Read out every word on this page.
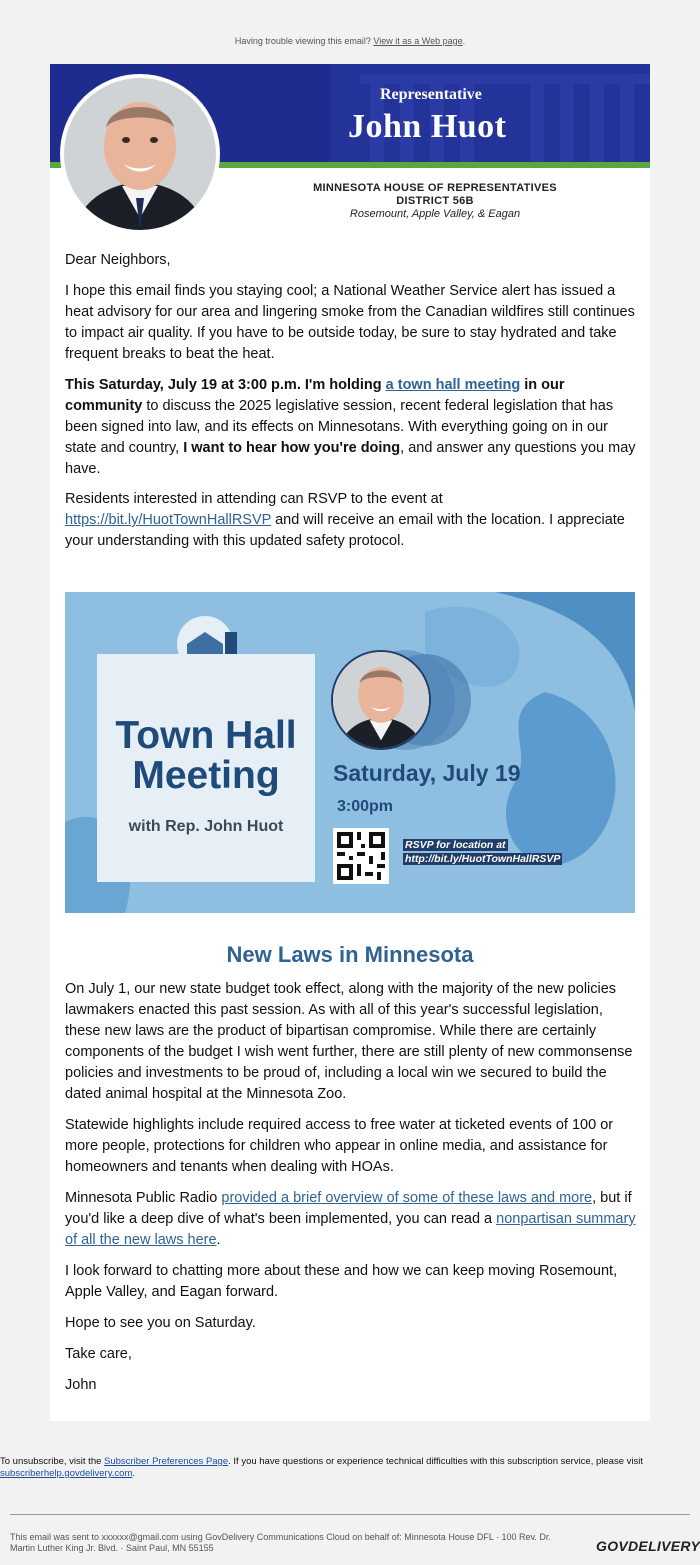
Having trouble viewing this email? View it as a Web page.
Representative
John Huot
MINNESOTA HOUSE OF REPRESENTATIVES
DISTRICT 56B
Rosemount, Apple Valley, & Eagan

Dear Neighbors,

I hope this email finds you staying cool; a National Weather Service alert has issued a heat advisory for our area and lingering smoke from the Canadian wildfires still continues to impact air quality. If you have to be outside today, be sure to stay hydrated and take frequent breaks to beat the heat.

This Saturday, July 19 at 3:00 p.m. I'm holding a town hall meeting in our community to discuss the 2025 legislative session, recent federal legislation that has been signed into law, and its effects on Minnesotans. With everything going on in our state and country, I want to hear how you're doing, and answer any questions you may have.

Residents interested in attending can RSVP to the event at https://bit.ly/HuotTownHallRSVP and will receive an email with the location. I appreciate your understanding with this updated safety protocol.

Town Hall
Meeting
with Rep. John Huot
Saturday, July 19
3:00pm
RSVP for location at
http://bit.ly/HuotTownHallRSVP
New Laws in Minnesota

On July 1, our new state budget took effect, along with the majority of the new policies lawmakers enacted this past session. As with all of this year's successful legislation, these new laws are the product of bipartisan compromise. While there are certainly components of the budget I wish went further, there are still plenty of new commonsense policies and investments to be proud of, including a local win we secured to build the dated animal hospital at the Minnesota Zoo.

Statewide highlights include required access to free water at ticketed events of 100 or more people, protections for children who appear in online media, and assistance for homeowners and tenants when dealing with HOAs.

Minnesota Public Radio provided a brief overview of some of these laws and more, but if you'd like a deep dive of what's been implemented, you can read a nonpartisan summary of all the new laws here.

I look forward to chatting more about these and how we can keep moving Rosemount, Apple Valley, and Eagan forward.

Hope to see you on Saturday.

Take care,

John

To unsubscribe, visit the Subscriber Preferences Page. If you have questions or experience technical difficulties with this subscription service, please visit subscriberhelp.govdelivery.com.
This email was sent to xxxxxx@gmail.com using GovDelivery Communications Cloud on behalf of: Minnesota House DFL · 100 Rev. Dr. Martin Luther King Jr. Blvd. · Saint Paul, MN 55155	GOVDELIVERY
